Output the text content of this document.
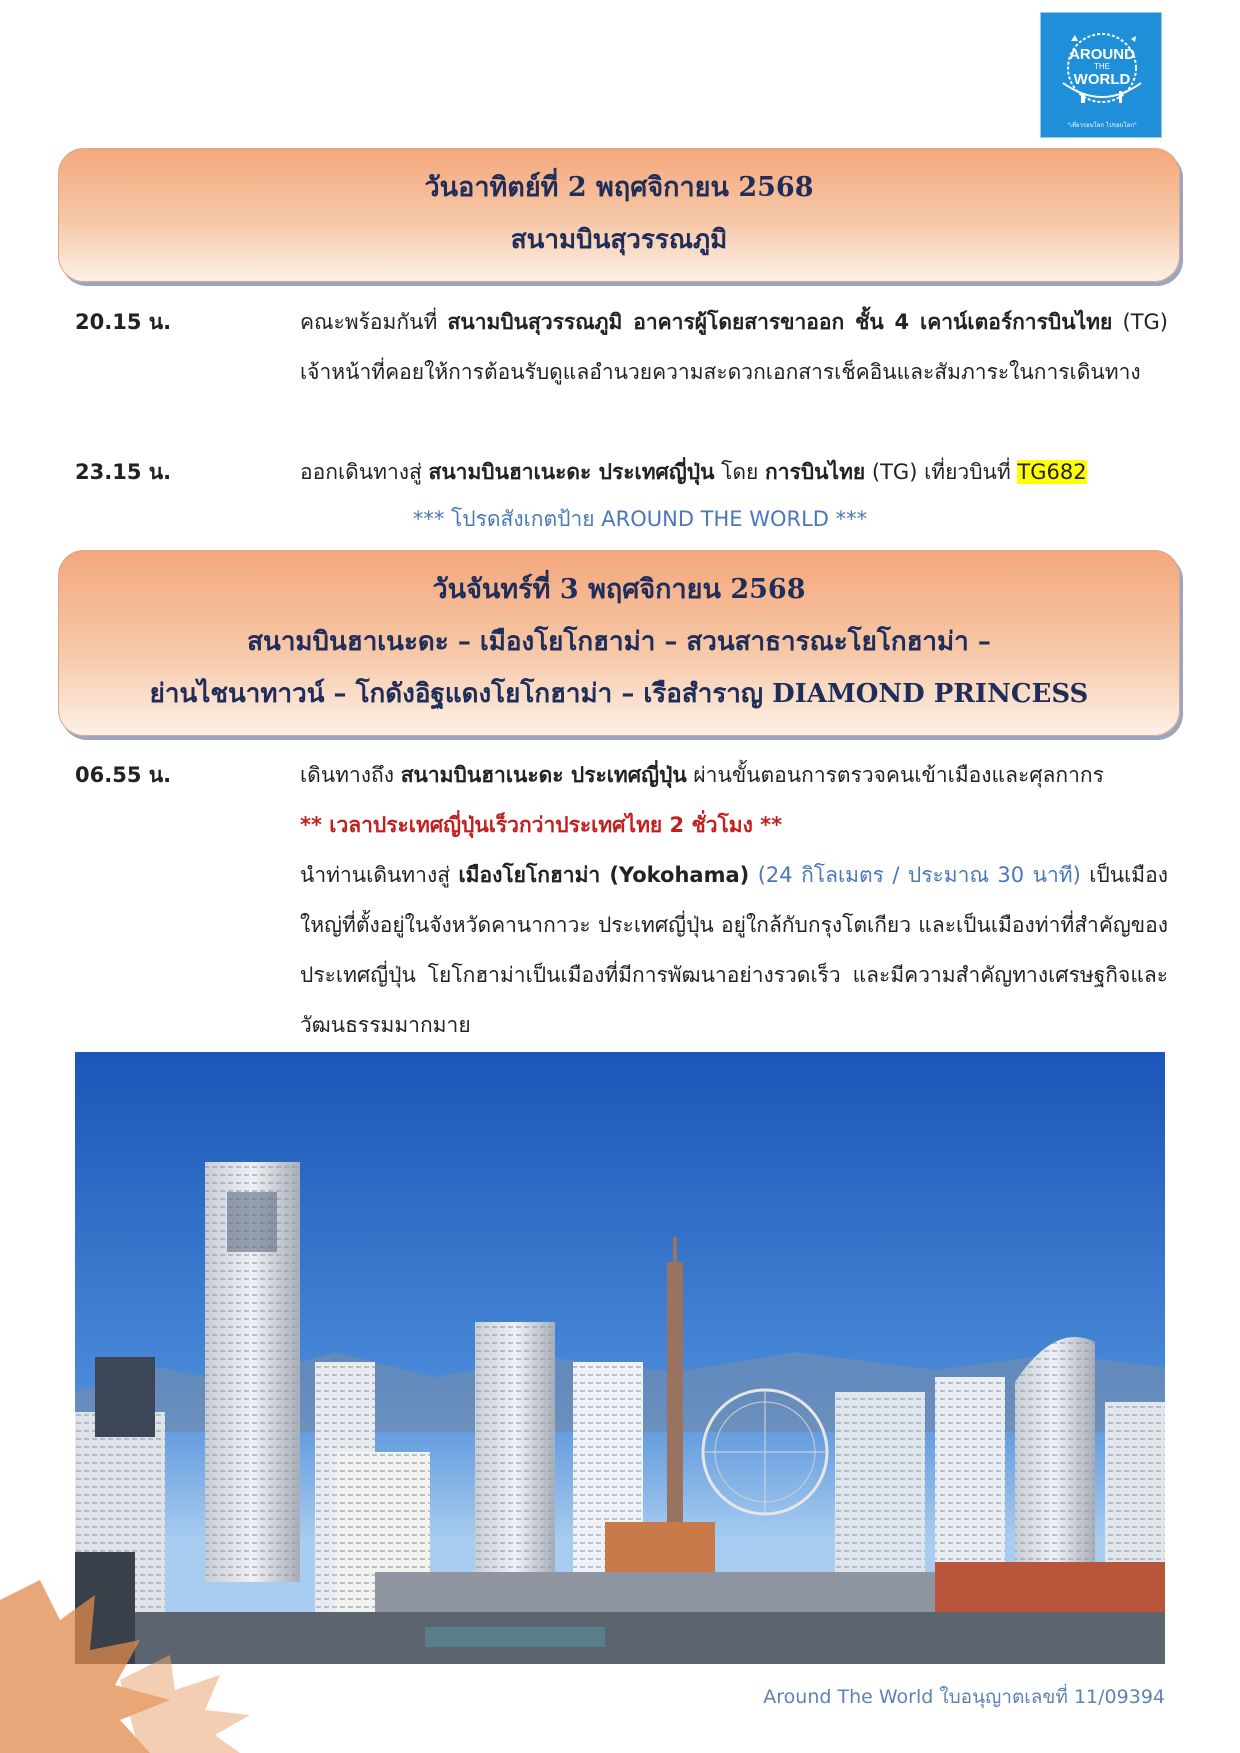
AROUND
THE
WORLD
"เที่ยวรอบโลก ไปรอบโลก"
วันอาทิตย์ที่ 2 พฤศจิกายน 2568
สนามบินสุวรรณภูมิ
20.15 น.	คณะพร้อมกันที่ สนามบินสุวรรณภูมิ อาคารผู้โดยสารขาออก ชั้น 4 เคาน์เตอร์การบินไทย (TG) เจ้าหน้าที่คอยให้การต้อนรับดูแลอำนวยความสะดวกเอกสารเช็คอินและสัมภาระในการเดินทาง
23.15 น.	ออกเดินทางสู่ สนามบินฮาเนะดะ ประเทศญี่ปุ่น โดย การบินไทย (TG) เที่ยวบินที่ TG682
*** โปรดสังเกตป้าย AROUND THE WORLD ***
วันจันทร์ที่ 3 พฤศจิกายน 2568
สนามบินฮาเนะดะ – เมืองโยโกฮาม่า – สวนสาธารณะโยโกฮาม่า –
ย่านไชนาทาวน์ – โกดังอิฐแดงโยโกฮาม่า – เรือสำราญ DIAMOND PRINCESS
06.55 น.	เดินทางถึง สนามบินฮาเนะดะ ประเทศญี่ปุ่น ผ่านขั้นตอนการตรวจคนเข้าเมืองและศุลกากร
** เวลาประเทศญี่ปุ่นเร็วกว่าประเทศไทย 2 ชั่วโมง **
นำท่านเดินทางสู่ เมืองโยโกฮาม่า (Yokohama) (24 กิโลเมตร / ประมาณ 30 นาที) เป็นเมืองใหญ่ที่ตั้งอยู่ในจังหวัดคานากาวะ ประเทศญี่ปุ่น อยู่ใกล้กับกรุงโตเกียว และเป็นเมืองท่าที่สำคัญของประเทศญี่ปุ่น โยโกฮาม่าเป็นเมืองที่มีการพัฒนาอย่างรวดเร็ว และมีความสำคัญทางเศรษฐกิจและวัฒนธรรมมากมาย
Around The World ใบอนุญาตเลขที่ 11/09394
